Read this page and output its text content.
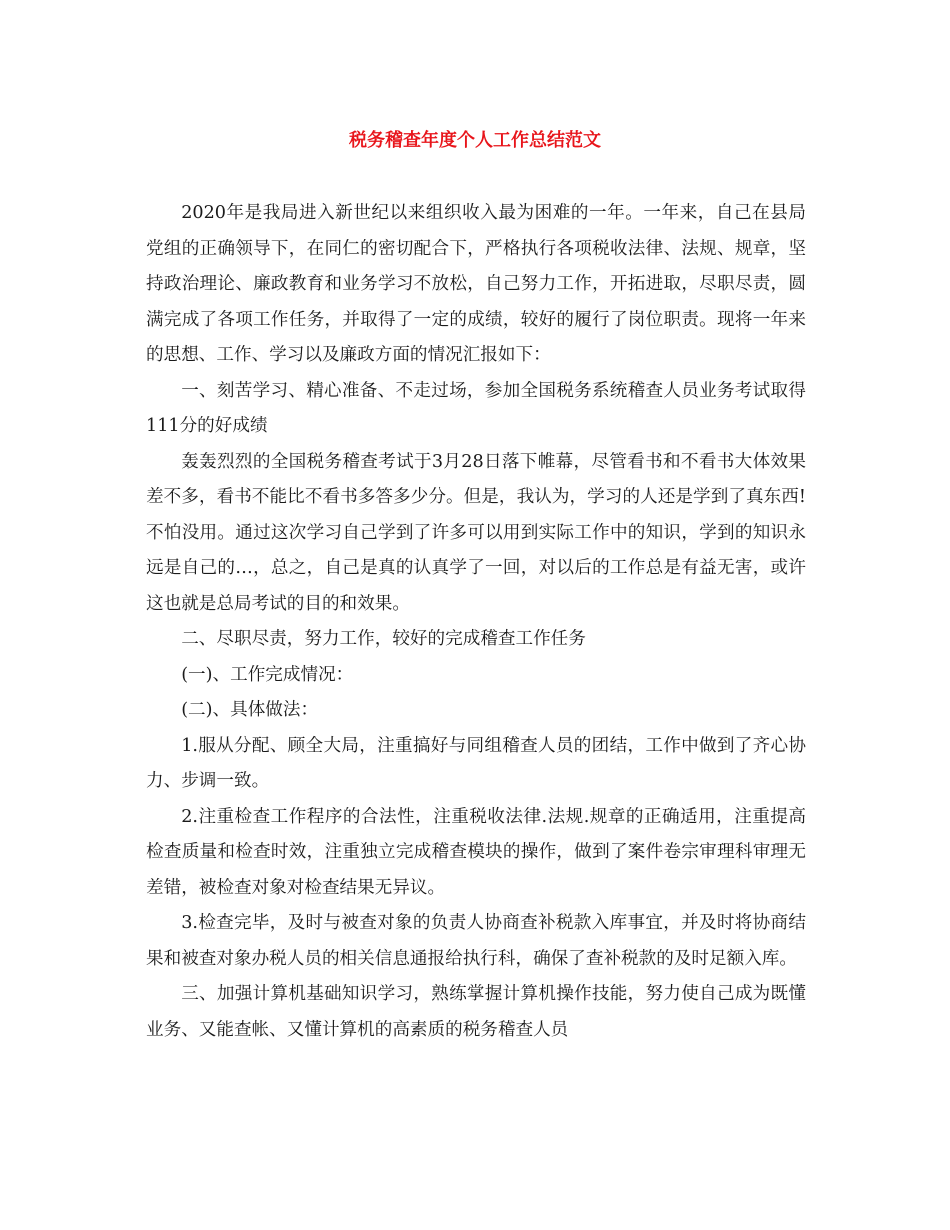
税务稽查年度个人工作总结范文

2020年是我局进入新世纪以来组织收入最为困难的一年。一年来，自己在县局党组的正确领导下，在同仁的密切配合下，严格执行各项税收法律、法规、规章，坚持政治理论、廉政教育和业务学习不放松，自己努力工作，开拓进取，尽职尽责，圆满完成了各项工作任务，并取得了一定的成绩，较好的履行了岗位职责。现将一年来的思想、工作、学习以及廉政方面的情况汇报如下：

一、刻苦学习、精心准备、不走过场，参加全国税务系统稽查人员业务考试取得111分的好成绩

轰轰烈烈的全国税务稽查考试于3月28日落下帷幕，尽管看书和不看书大体效果差不多，看书不能比不看书多答多少分。但是，我认为，学习的人还是学到了真东西!不怕没用。通过这次学习自己学到了许多可以用到实际工作中的知识，学到的知识永远是自己的…，总之，自己是真的认真学了一回，对以后的工作总是有益无害，或许这也就是总局考试的目的和效果。

二、尽职尽责，努力工作，较好的完成稽查工作任务

(一)、工作完成情况：

(二)、具体做法：

1.服从分配、顾全大局，注重搞好与同组稽查人员的团结，工作中做到了齐心协力、步调一致。

2.注重检查工作程序的合法性，注重税收法律.法规.规章的正确适用，注重提高检查质量和检查时效，注重独立完成稽查模块的操作，做到了案件卷宗审理科审理无差错，被检查对象对检查结果无异议。

3.检查完毕，及时与被查对象的负责人协商查补税款入库事宜，并及时将协商结果和被查对象办税人员的相关信息通报给执行科，确保了查补税款的及时足额入库。

三、加强计算机基础知识学习，熟练掌握计算机操作技能，努力使自己成为既懂业务、又能查帐、又懂计算机的高素质的税务稽查人员
